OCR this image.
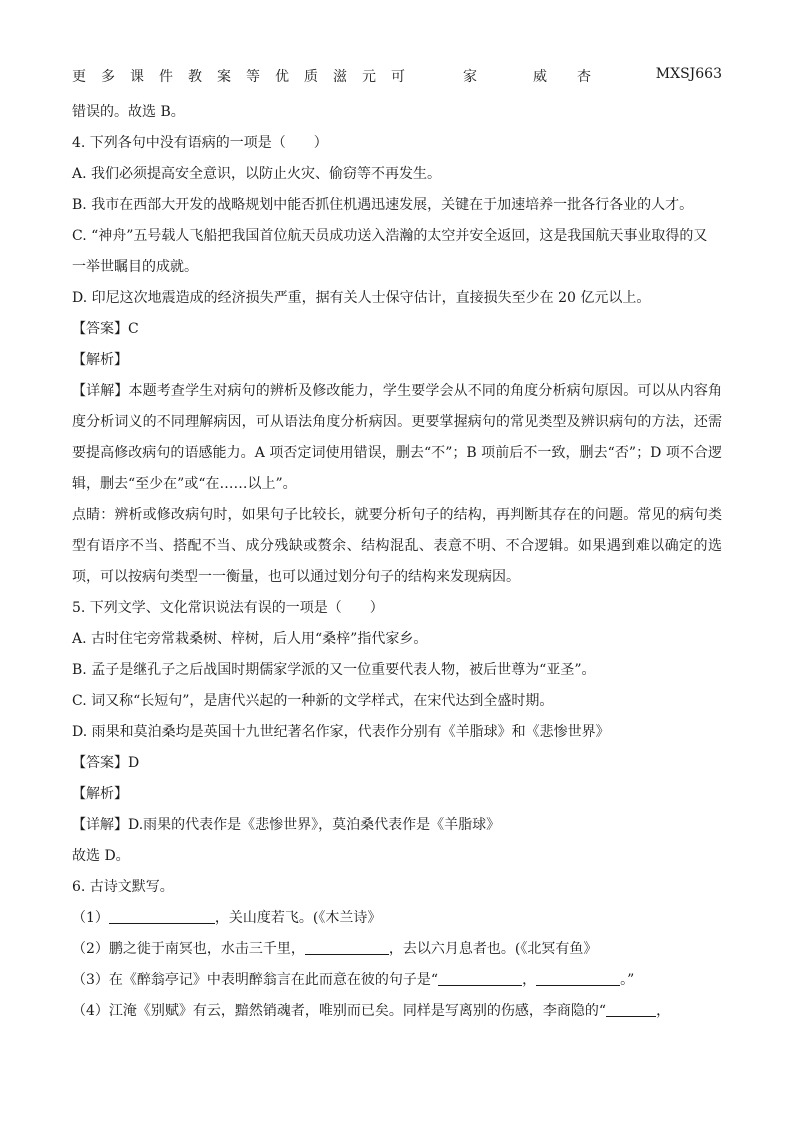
更 多 课 件 教 案 等 优 质 滋 元 可	家	威 杏	MXSJ663
错误的。故选 B。
4. 下列各句中没有语病的一项是（　　）
A. 我们必须提高安全意识，以防止火灾、偷窃等不再发生。
B. 我市在西部大开发的战略规划中能否抓住机遇迅速发展，关键在于加速培养一批各行各业的人才。
C. “神舟”五号载人飞船把我国首位航天员成功送入浩瀚的太空并安全返回，这是我国航天事业取得的又
一举世瞩目的成就。
D. 印尼这次地震造成的经济损失严重，据有关人士保守估计，直接损失至少在 20 亿元以上。
【答案】C
【解析】
【详解】本题考查学生对病句的辨析及修改能力，学生要学会从不同的角度分析病句原因。可以从内容角度分析词义的不同理解病因，可从语法角度分析病因。更要掌握病句的常见类型及辨识病句的方法，还需要提高修改病句的语感能力。A 项否定词使用错误，删去“不”；B 项前后不一致，删去“否”；D 项不合逻辑，删去“至少在”或“在……以上”。
点睛：辨析或修改病句时，如果句子比较长，就要分析句子的结构，再判断其存在的问题。常见的病句类型有语序不当、搭配不当、成分残缺或赘余、结构混乱、表意不明、不合逻辑。如果遇到难以确定的选项，可以按病句类型一一衡量，也可以通过划分句子的结构来发现病因。
5. 下列文学、文化常识说法有误的一项是（　　）
A. 古时住宅旁常栽桑树、梓树，后人用“桑梓”指代家乡。
B. 孟子是继孔子之后战国时期儒家学派的又一位重要代表人物，被后世尊为“亚圣”。
C. 词又称“长短句”，是唐代兴起的一种新的文学样式，在宋代达到全盛时期。
D. 雨果和莫泊桑均是英国十九世纪著名作家，代表作分别有《羊脂球》和《悲惨世界》
【答案】D
【解析】
【详解】D.雨果的代表作是《悲惨世界》，莫泊桑代表作是《羊脂球》
故选 D。
6. 古诗文默写。
（1）	，关山度若飞。(《木兰诗》
（2）鹏之徙于南冥也，水击三千里，	，去以六月息者也。(《北冥有鱼》
（3）在《醉翁亭记》中表明醉翁言在此而意在彼的句子是“	，	。”
（4）江淹《别赋》有云，黯然销魂者，唯别而已矣。同样是写离别的伤感，李商隐的“	，
